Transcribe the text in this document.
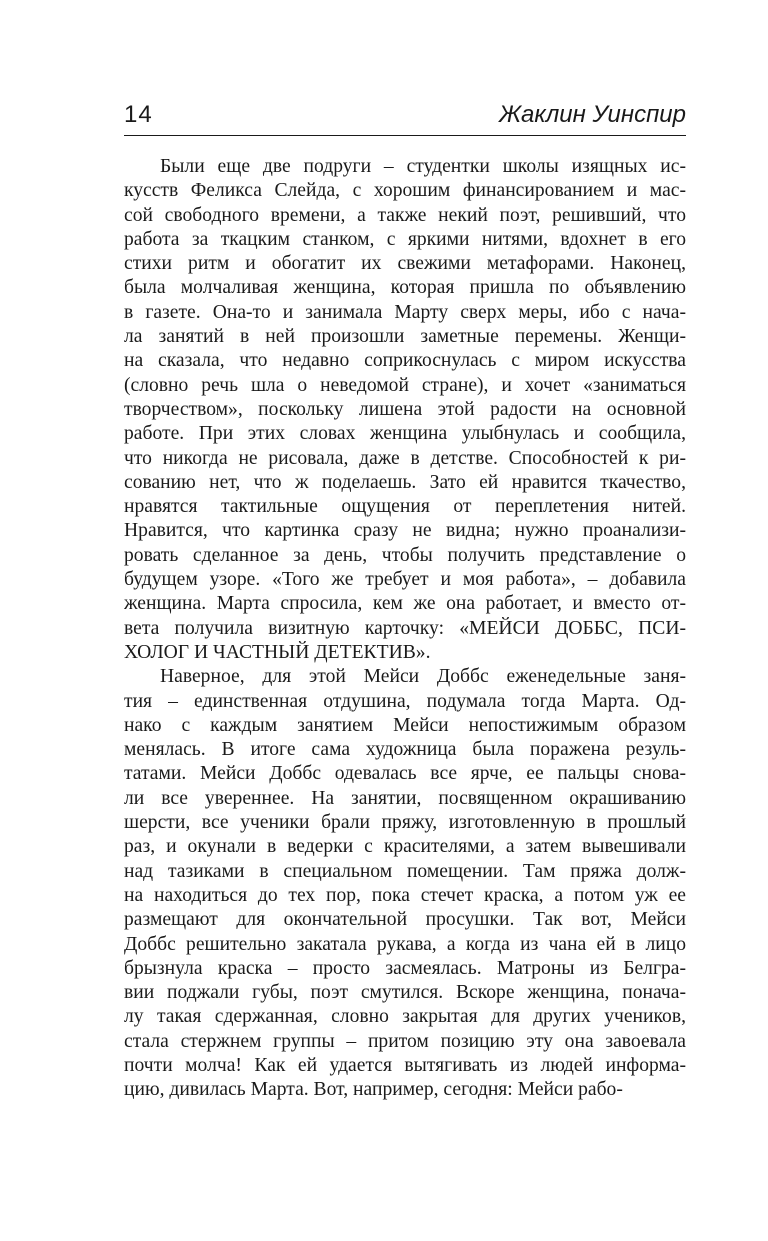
14	Жаклин Уинспир
Были еще две подруги – студентки школы изящных ис-
кусств Феликса Слейда, с хорошим финансированием и мас-
сой свободного времени, а также некий поэт, решивший, что
работа за ткацким станком, с яркими нитями, вдохнет в его
стихи ритм и обогатит их свежими метафорами. Наконец,
была молчаливая женщина, которая пришла по объявлению
в газете. Она-то и занимала Марту сверх меры, ибо с нача-
ла занятий в ней произошли заметные перемены. Женщи-
на сказала, что недавно соприкоснулась с миром искусства
(словно речь шла о неведомой стране), и хочет «заниматься
творчеством», поскольку лишена этой радости на основной
работе. При этих словах женщина улыбнулась и сообщила,
что никогда не рисовала, даже в детстве. Способностей к ри-
сованию нет, что ж поделаешь. Зато ей нравится ткачество,
нравятся тактильные ощущения от переплетения нитей.
Нравится, что картинка сразу не видна; нужно проанализи-
ровать сделанное за день, чтобы получить представление о
будущем узоре. «Того же требует и моя работа», – добавила
женщина. Марта спросила, кем же она работает, и вместо от-
вета получила визитную карточку: «МЕЙСИ ДОББС, ПСИ-
ХОЛОГ И ЧАСТНЫЙ ДЕТЕКТИВ».
Наверное, для этой Мейси Доббс еженедельные заня-
тия – единственная отдушина, подумала тогда Марта. Од-
нако с каждым занятием Мейси непостижимым образом
менялась. В итоге сама художница была поражена резуль-
татами. Мейси Доббс одевалась все ярче, ее пальцы снова-
ли все увереннее. На занятии, посвященном окрашиванию
шерсти, все ученики брали пряжу, изготовленную в прошлый
раз, и окунали в ведерки с красителями, а затем вывешивали
над тазиками в специальном помещении. Там пряжа долж-
на находиться до тех пор, пока стечет краска, а потом уж ее
размещают для окончательной просушки. Так вот, Мейси
Доббс решительно закатала рукава, а когда из чана ей в лицо
брызнула краска – просто засмеялась. Матроны из Белгра-
вии поджали губы, поэт смутился. Вскоре женщина, понача-
лу такая сдержанная, словно закрытая для других учеников,
стала стержнем группы – притом позицию эту она завоевала
почти молча! Как ей удается вытягивать из людей информа-
цию, дивилась Марта. Вот, например, сегодня: Мейси рабо-
